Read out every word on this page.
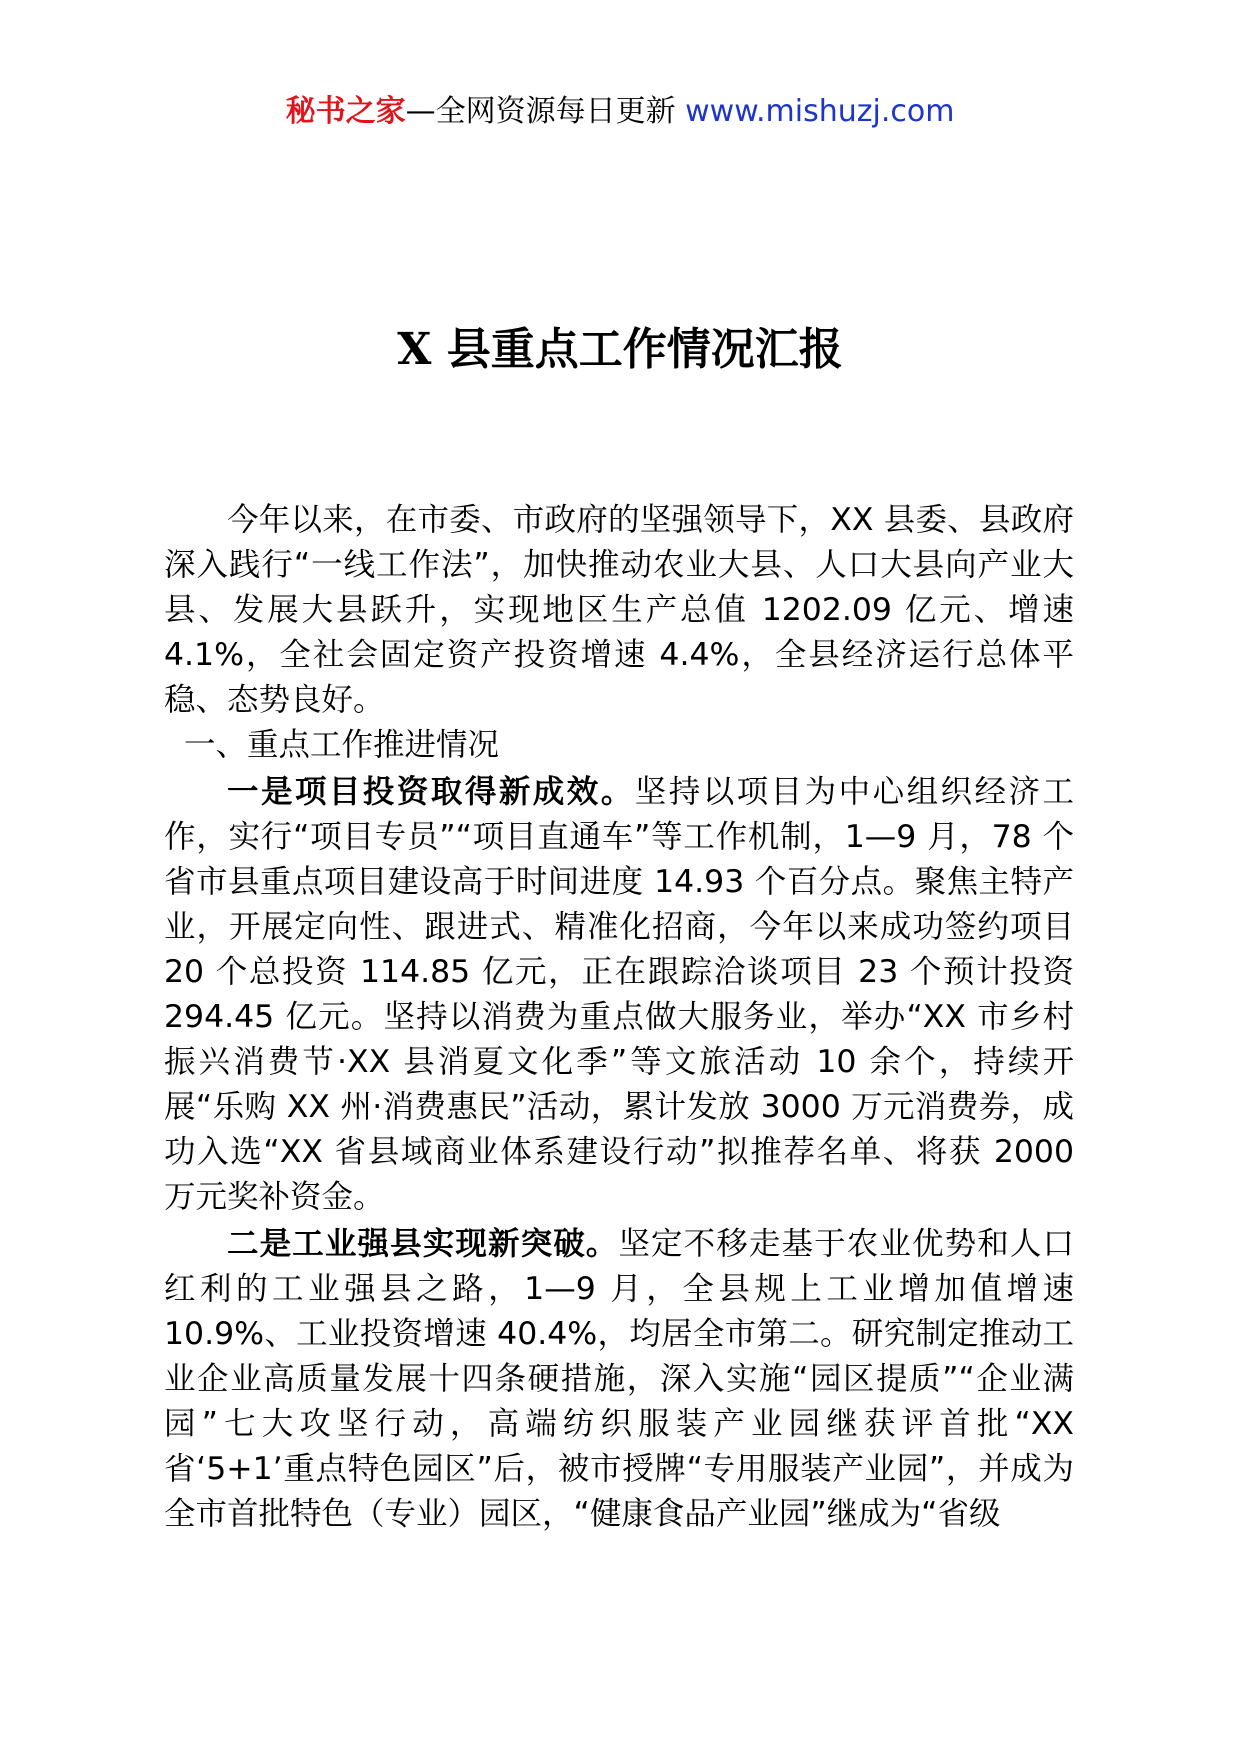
秘书之家—全网资源每日更新 www.mishuzj.com
X 县重点工作情况汇报

今年以来，在市委、市政府的坚强领导下，XX 县委、县政府深入践行“一线工作法”，加快推动农业大县、人口大县向产业大县、发展大县跃升，实现地区生产总值 1202.09 亿元、增速 4.1%，全社会固定资产投资增速 4.4%，全县经济运行总体平稳、态势良好。

一、重点工作推进情况

一是项目投资取得新成效。坚持以项目为中心组织经济工作，实行“项目专员”“项目直通车”等工作机制，1—9 月，78 个省市县重点项目建设高于时间进度 14.93 个百分点。聚焦主特产业，开展定向性、跟进式、精准化招商，今年以来成功签约项目 20 个总投资 114.85 亿元，正在跟踪洽谈项目 23 个预计投资 294.45 亿元。坚持以消费为重点做大服务业，举办“XX 市乡村振兴消费节·XX 县消夏文化季”等文旅活动 10 余个，持续开展“乐购 XX 州·消费惠民”活动，累计发放 3000 万元消费券，成功入选“XX 省县域商业体系建设行动”拟推荐名单、将获 2000 万元奖补资金。

二是工业强县实现新突破。坚定不移走基于农业优势和人口红利的工业强县之路，1—9 月，全县规上工业增加值增速 10.9%、工业投资增速 40.4%，均居全市第二。研究制定推动工业企业高质量发展十四条硬措施，深入实施“园区提质”“企业满园”七大攻坚行动，高端纺织服装产业园继获评首批“XX 省‘5+1’重点特色园区”后，被市授牌“专用服装产业园”，并成为全市首批特色（专业）园区，“健康食品产业园”继成为“省级
